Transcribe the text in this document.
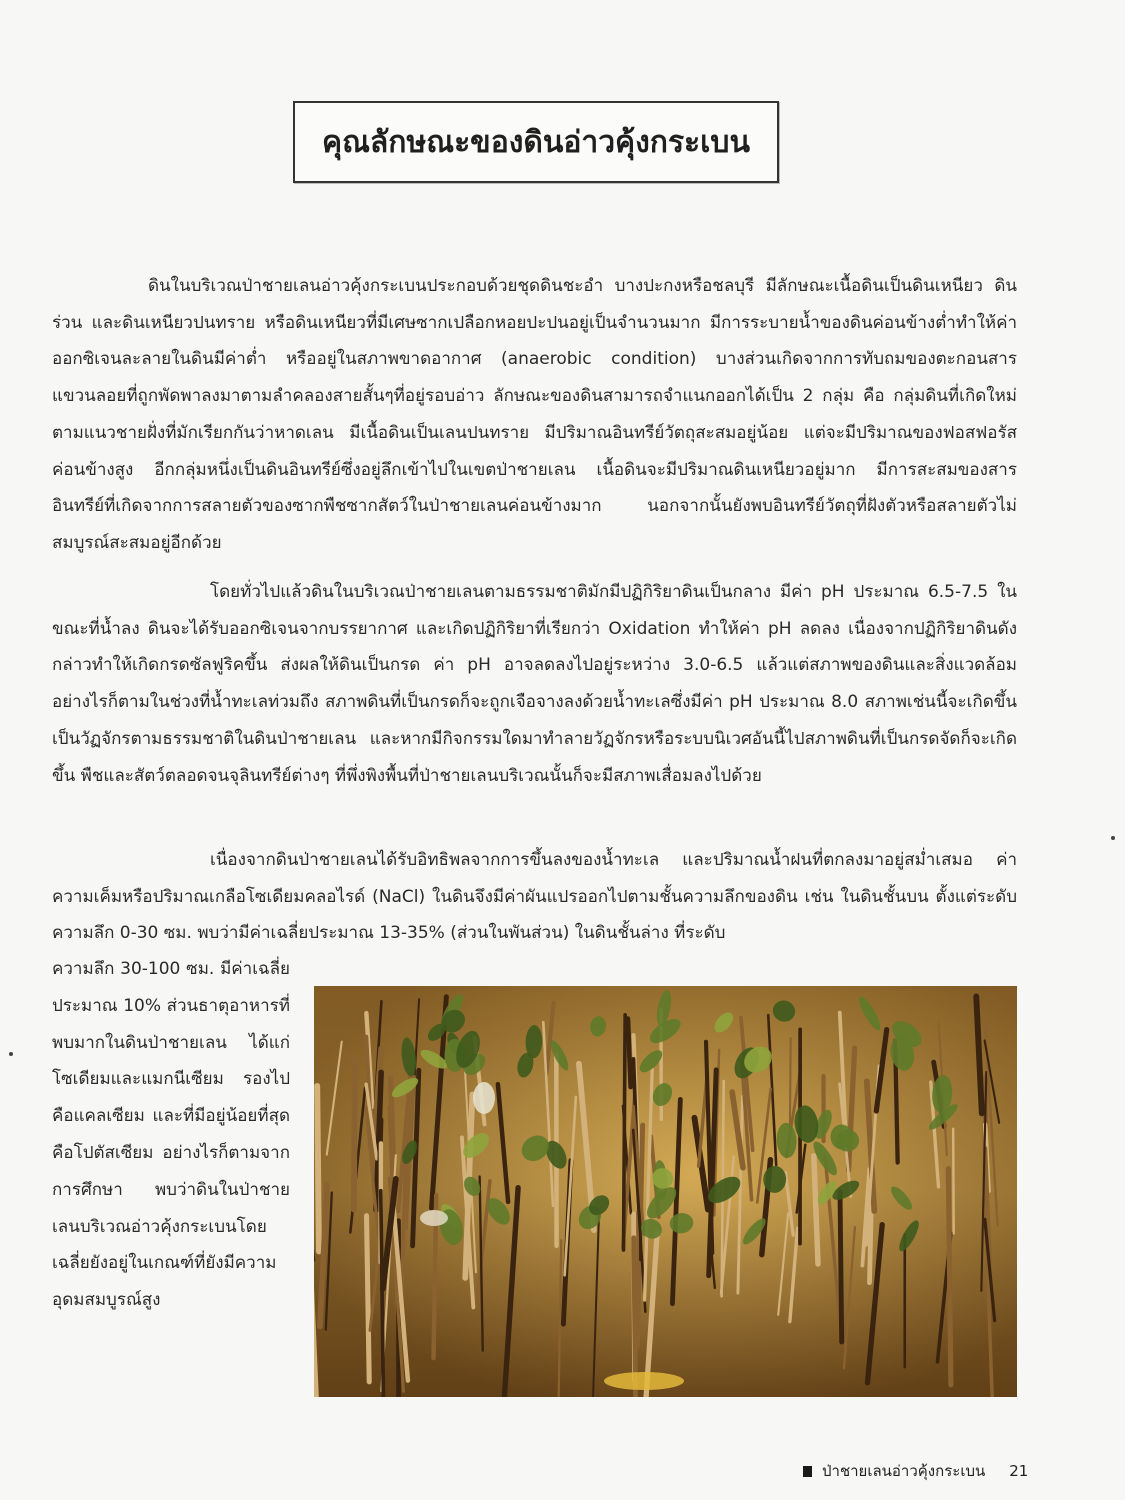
คุณลักษณะของดินอ่าวคุ้งกระเบน

ดินในบริเวณป่าชายเลนอ่าวคุ้งกระเบนประกอบด้วยชุดดินชะอำ บางปะกงหรือชลบุรี มีลักษณะเนื้อดินเป็นดินเหนียว ดินร่วน และดินเหนียวปนทราย หรือดินเหนียวที่มีเศษซากเปลือกหอยปะปนอยู่เป็นจำนวนมาก มีการระบายน้ำของดินค่อนข้างต่ำทำให้ค่าออกซิเจนละลายในดินมีค่าต่ำ หรืออยู่ในสภาพขาดอากาศ (anaerobic condition) บางส่วนเกิดจากการทับถมของตะกอนสารแขวนลอยที่ถูกพัดพาลงมาตามลำคลองสายสั้นๆที่อยู่รอบอ่าว ลักษณะของดินสามารถจำแนกออกได้เป็น 2 กลุ่ม คือ กลุ่มดินที่เกิดใหม่ตามแนวชายฝั่งที่มักเรียกกันว่าหาดเลน มีเนื้อดินเป็นเลนปนทราย มีปริมาณอินทรีย์วัตถุสะสมอยู่น้อย แต่จะมีปริมาณของฟอสฟอรัสค่อนข้างสูง อีกกลุ่มหนึ่งเป็นดินอินทรีย์ซึ่งอยู่ลึกเข้าไปในเขตป่าชายเลน เนื้อดินจะมีปริมาณดินเหนียวอยู่มาก มีการสะสมของสารอินทรีย์ที่เกิดจากการสลายตัวของซากพืชซากสัตว์ในป่าชายเลนค่อนข้างมาก นอกจากนั้นยังพบอินทรีย์วัตถุที่ฝังตัวหรือสลายตัวไม่สมบูรณ์สะสมอยู่อีกด้วย

โดยทั่วไปแล้วดินในบริเวณป่าชายเลนตามธรรมชาติมักมีปฏิกิริยาดินเป็นกลาง มีค่า pH ประมาณ 6.5-7.5 ในขณะที่น้ำลง ดินจะได้รับออกซิเจนจากบรรยากาศ และเกิดปฏิกิริยาที่เรียกว่า Oxidation ทำให้ค่า pH ลดลง เนื่องจากปฏิกิริยาดินดังกล่าวทำให้เกิดกรดซัลฟูริคขึ้น ส่งผลให้ดินเป็นกรด ค่า pH อาจลดลงไปอยู่ระหว่าง 3.0-6.5 แล้วแต่สภาพของดินและสิ่งแวดล้อม อย่างไรก็ตามในช่วงที่น้ำทะเลท่วมถึง สภาพดินที่เป็นกรดก็จะถูกเจือจางลงด้วยน้ำทะเลซึ่งมีค่า pH ประมาณ 8.0 สภาพเช่นนี้จะเกิดขึ้นเป็นวัฏจักรตามธรรมชาติในดินป่าชายเลน และหากมีกิจกรรมใดมาทำลายวัฏจักรหรือระบบนิเวศอันนี้ไปสภาพดินที่เป็นกรดจัดก็จะเกิดขึ้น พืชและสัตว์ตลอดจนจุลินทรีย์ต่างๆ ที่พึ่งพิงพื้นที่ป่าชายเลนบริเวณนั้นก็จะมีสภาพเสื่อมลงไปด้วย

เนื่องจากดินป่าชายเลนได้รับอิทธิพลจากการขึ้นลงของน้ำทะเล และปริมาณน้ำฝนที่ตกลงมาอยู่สม่ำเสมอ ค่าความเค็มหรือปริมาณเกลือโซเดียมคลอไรด์ (NaCl) ในดินจึงมีค่าผันแปรออกไปตามชั้นความลึกของดิน เช่น ในดินชั้นบน ตั้งแต่ระดับความลึก 0-30 ซม. พบว่ามีค่าเฉลี่ยประมาณ 13-35% (ส่วนในพันส่วน) ในดินชั้นล่าง ที่ระดับ

ความลึก 30-100 ซม. มีค่าเฉลี่ยประมาณ 10% ส่วนธาตุอาหารที่พบมากในดินป่าชายเลน ได้แก่ โซเดียมและแมกนีเซียม รองไปคือแคลเซียม และที่มีอยู่น้อยที่สุดคือโปตัสเซียม อย่างไรก็ตามจากการศึกษา พบว่าดินในป่าชายเลนบริเวณอ่าวคุ้งกระเบนโดยเฉลี่ยยังอยู่ในเกณฑ์ที่ยังมีความอุดมสมบูรณ์สูง

ป่าชายเลนอ่าวคุ้งกระเบน 21
